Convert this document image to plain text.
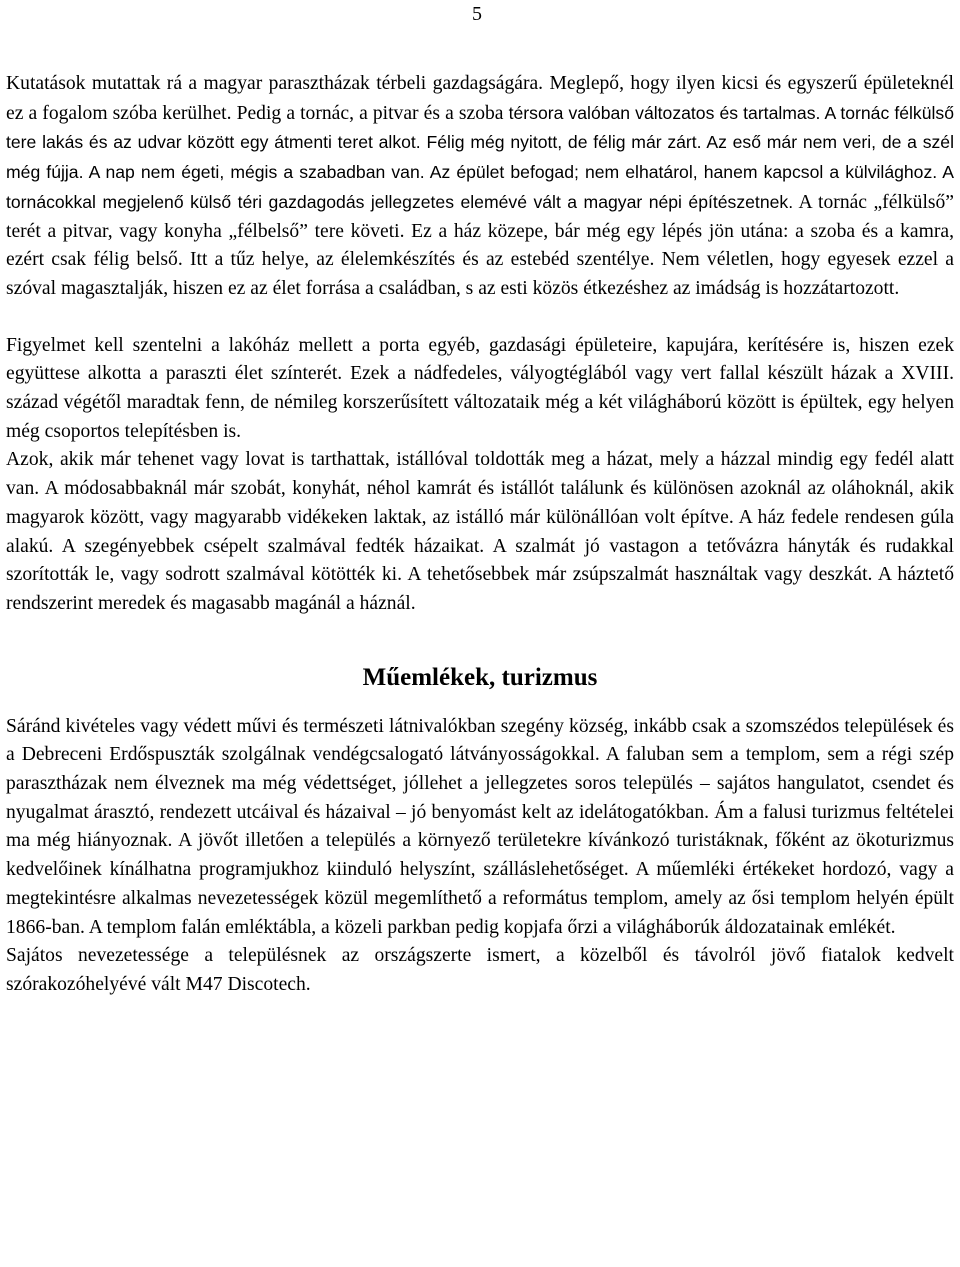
5

Kutatások mutattak rá a magyar parasztházak térbeli gazdagságára. Meglepő, hogy ilyen kicsi és egyszerű épületeknél ez a fogalom szóba kerülhet. Pedig a tornác, a pitvar és a szoba térsora valóban változatos és tartalmas. A tornác félkülső tere lakás és az udvar között egy átmenti teret alkot. Félig még nyitott, de félig már zárt. Az eső már nem veri, de a szél még fújja. A nap nem égeti, mégis a szabadban van. Az épület befogad; nem elhatárol, hanem kapcsol a külvilághoz. A tornácokkal megjelenő külső téri gazdagodás jellegzetes elemévé vált a magyar népi építészetnek. A tornác „félkülső” terét a pitvar, vagy konyha „félbelső” tere követi. Ez a ház közepe, bár még egy lépés jön utána: a szoba és a kamra, ezért csak félig belső. Itt a tűz helye, az élelemkészítés és az estebéd szentélye. Nem véletlen, hogy egyesek ezzel a szóval magasztalják, hiszen ez az élet forrása a családban, s az esti közös étkezéshez az imádság is hozzátartozott.

Figyelmet kell szentelni a lakóház mellett a porta egyéb, gazdasági épületeire, kapujára, kerítésére is, hiszen ezek együttese alkotta a paraszti élet színterét. Ezek a nádfedeles, vályogtéglából vagy vert fallal készült házak a XVIII. század végétől maradtak fenn, de némileg korszerűsített változataik még a két világháború között is épültek, egy helyen még csoportos telepítésben is.

Azok, akik már tehenet vagy lovat is tarthattak, istállóval toldották meg a házat, mely a házzal mindig egy fedél alatt van. A módosabbaknál már szobát, konyhát, néhol kamrát és istállót találunk és különösen azoknál az oláhoknál, akik magyarok között, vagy magyarabb vidékeken laktak, az istálló már különállóan volt építve. A ház fedele rendesen gúla alakú. A szegényebbek csépelt szalmával fedték házaikat. A szalmát jó vastagon a tetővázra hányták és rudakkal szorították le, vagy sodrott szalmával kötötték ki. A tehetősebbek már zsúpszalmát használtak vagy deszkát. A háztető rendszerint meredek és magasabb magánál a háznál.

Műemlékek, turizmus

Sáránd kivételes vagy védett művi és természeti látnivalókban szegény község, inkább csak a szomszédos települések és a Debreceni Erdőspuszták szolgálnak vendégcsalogató látványosságokkal. A faluban sem a templom, sem a régi szép parasztházak nem élveznek ma még védettséget, jóllehet a jellegzetes soros település – sajátos hangulatot, csendet és nyugalmat árasztó, rendezett utcáival és házaival – jó benyomást kelt az idelátogatókban. Ám a falusi turizmus feltételei ma még hiányoznak. A jövőt illetően a település a környező területekre kívánkozó turistáknak, főként az ökoturizmus kedvelőinek kínálhatna programjukhoz kiinduló helyszínt, szálláslehetőséget. A műemléki értékeket hordozó, vagy a megtekintésre alkalmas nevezetességek közül megemlíthető a református templom, amely az ősi templom helyén épült 1866-ban. A templom falán emléktábla, a közeli parkban pedig kopjafa őrzi a világháborúk áldozatainak emlékét.

Sajátos nevezetessége a településnek az országszerte ismert, a közelből és távolról jövő fiatalok kedvelt szórakozóhelyévé vált M47 Discotech.
